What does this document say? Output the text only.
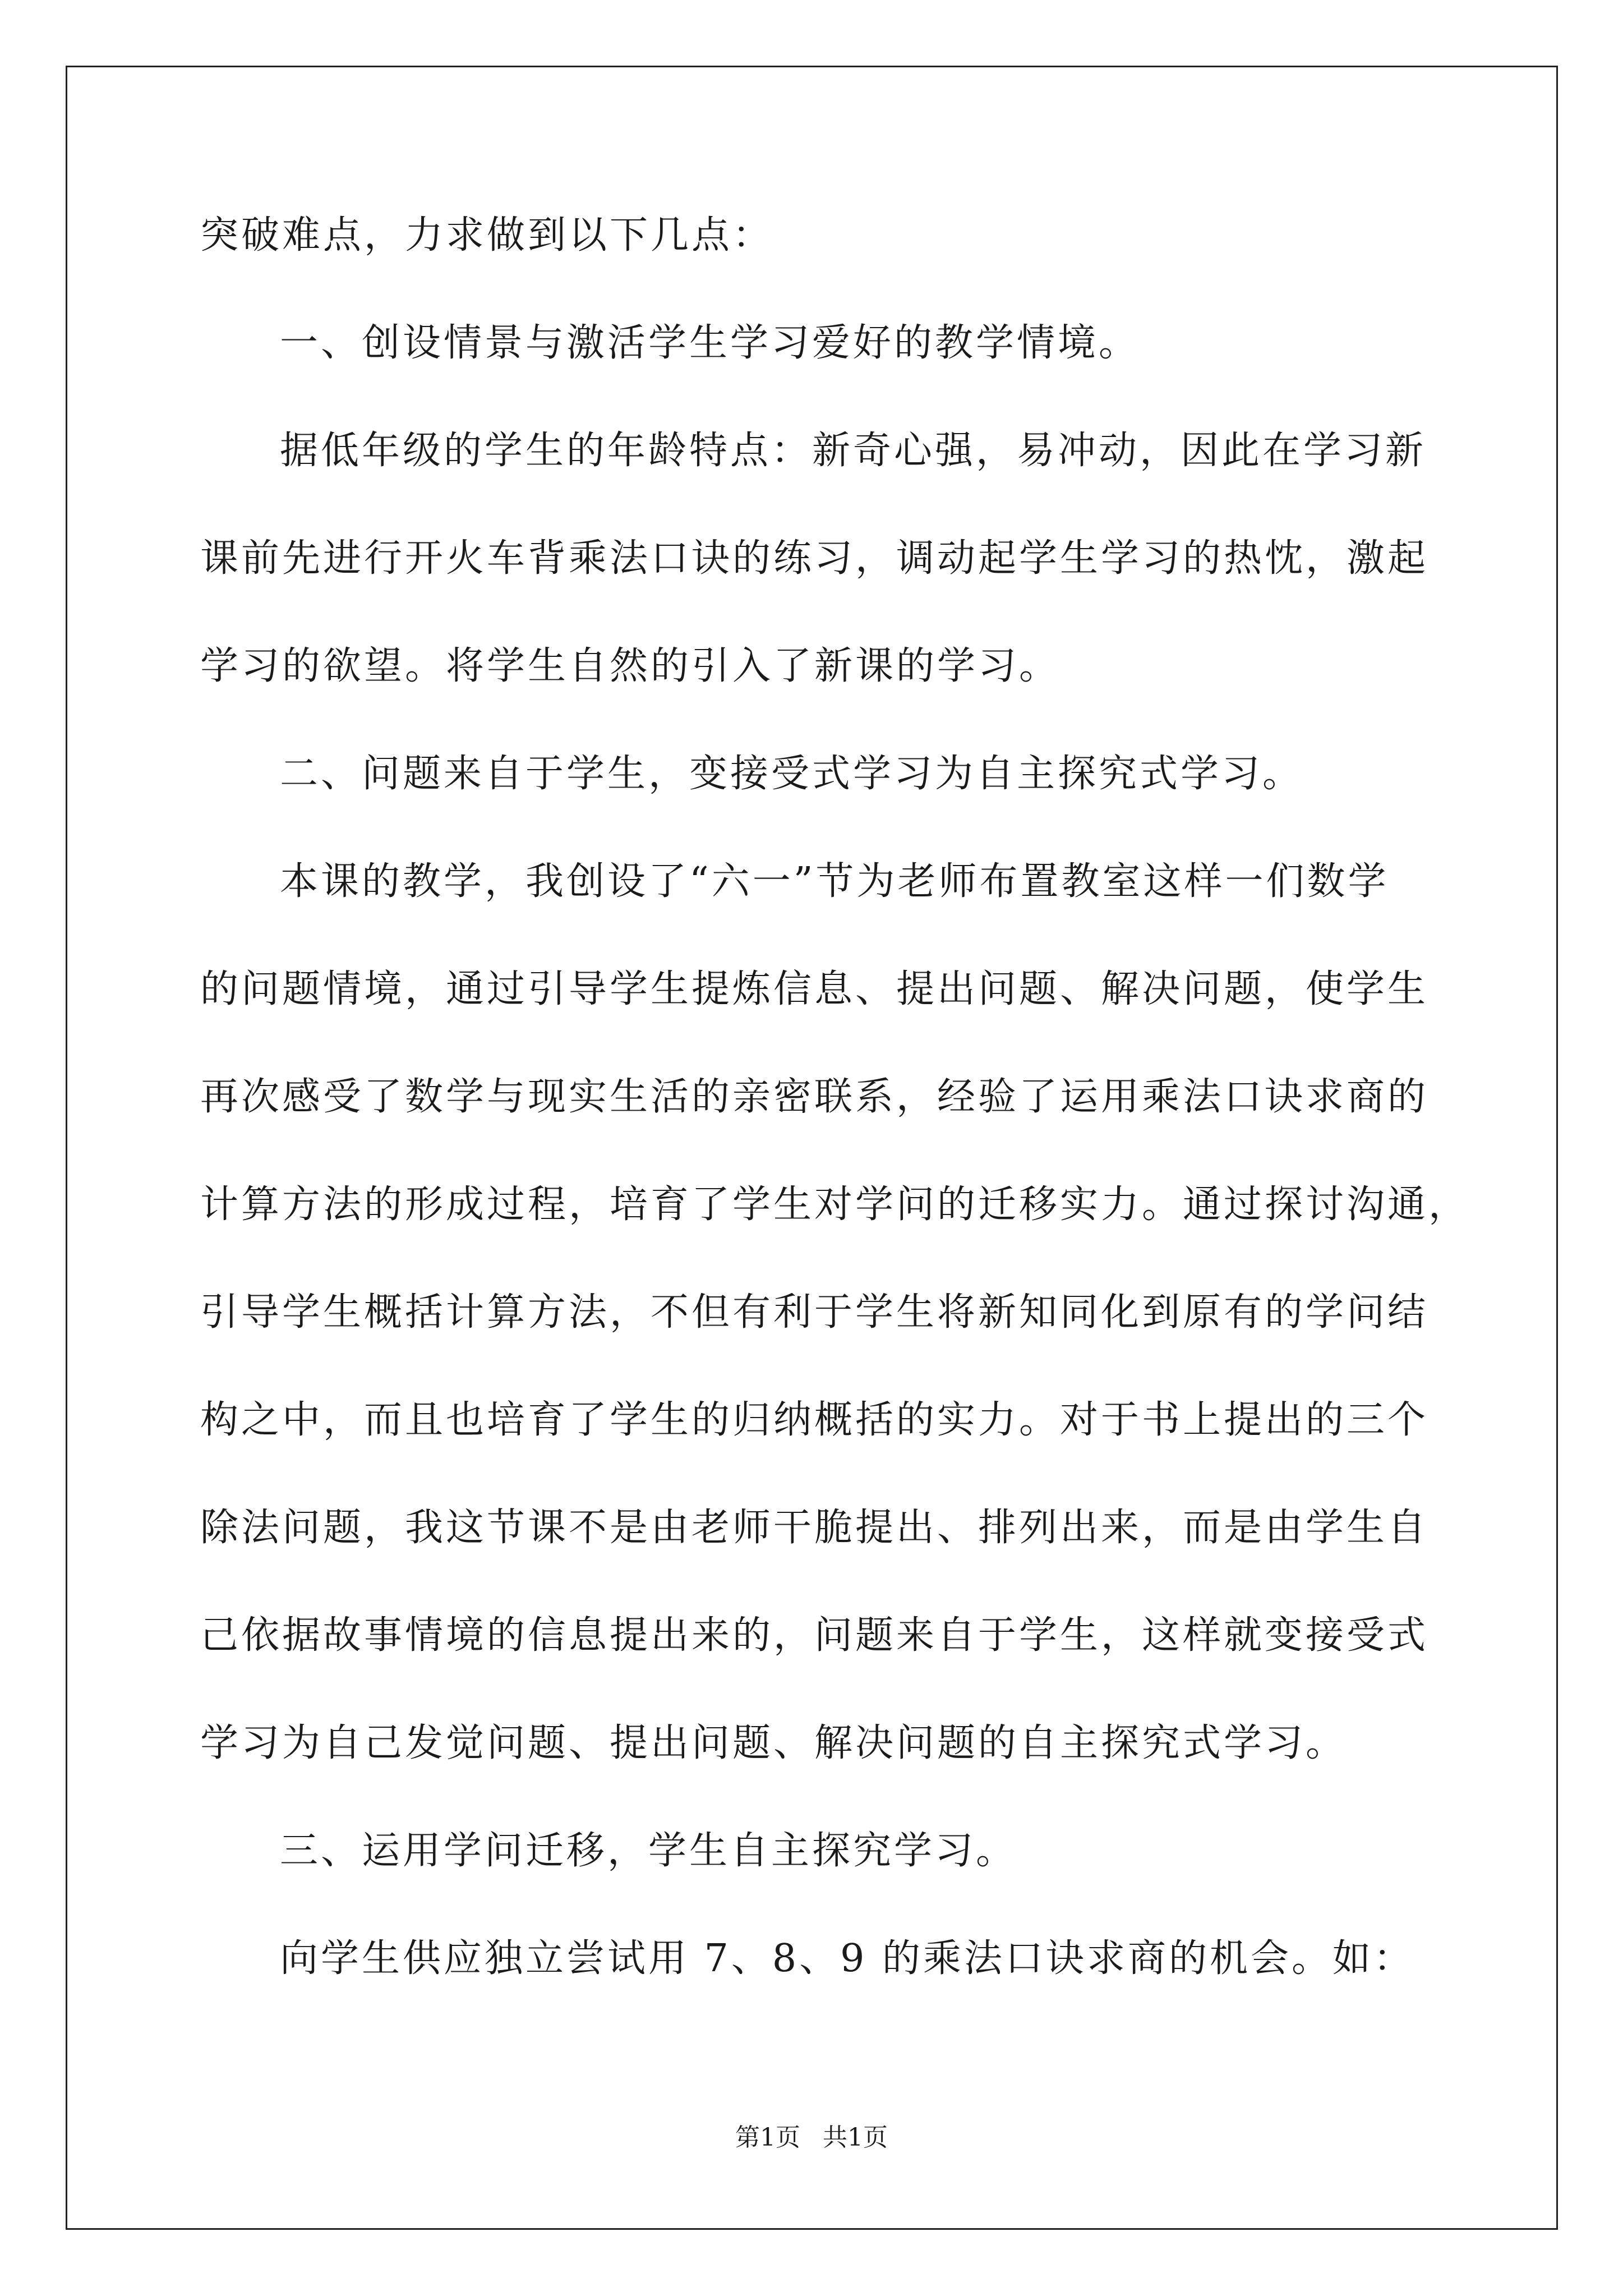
突破难点，力求做到以下几点：
一、创设情景与激活学生学习爱好的教学情境。
据低年级的学生的年龄特点：新奇心强，易冲动，因此在学习新
课前先进行开火车背乘法口诀的练习，调动起学生学习的热忱，激起
学习的欲望。将学生自然的引入了新课的学习。
二、问题来自于学生，变接受式学习为自主探究式学习。
本课的教学，我创设了“六一”节为老师布置教室这样一们数学
的问题情境，通过引导学生提炼信息、提出问题、解决问题，使学生
再次感受了数学与现实生活的亲密联系，经验了运用乘法口诀求商的
计算方法的形成过程，培育了学生对学问的迁移实力。通过探讨沟通，
引导学生概括计算方法，不但有利于学生将新知同化到原有的学问结
构之中，而且也培育了学生的归纳概括的实力。对于书上提出的三个
除法问题，我这节课不是由老师干脆提出、排列出来，而是由学生自
己依据故事情境的信息提出来的，问题来自于学生，这样就变接受式
学习为自己发觉问题、提出问题、解决问题的自主探究式学习。
三、运用学问迁移，学生自主探究学习。
向学生供应独立尝试用 7、8、9 的乘法口诀求商的机会。如：
第1页 共1页
